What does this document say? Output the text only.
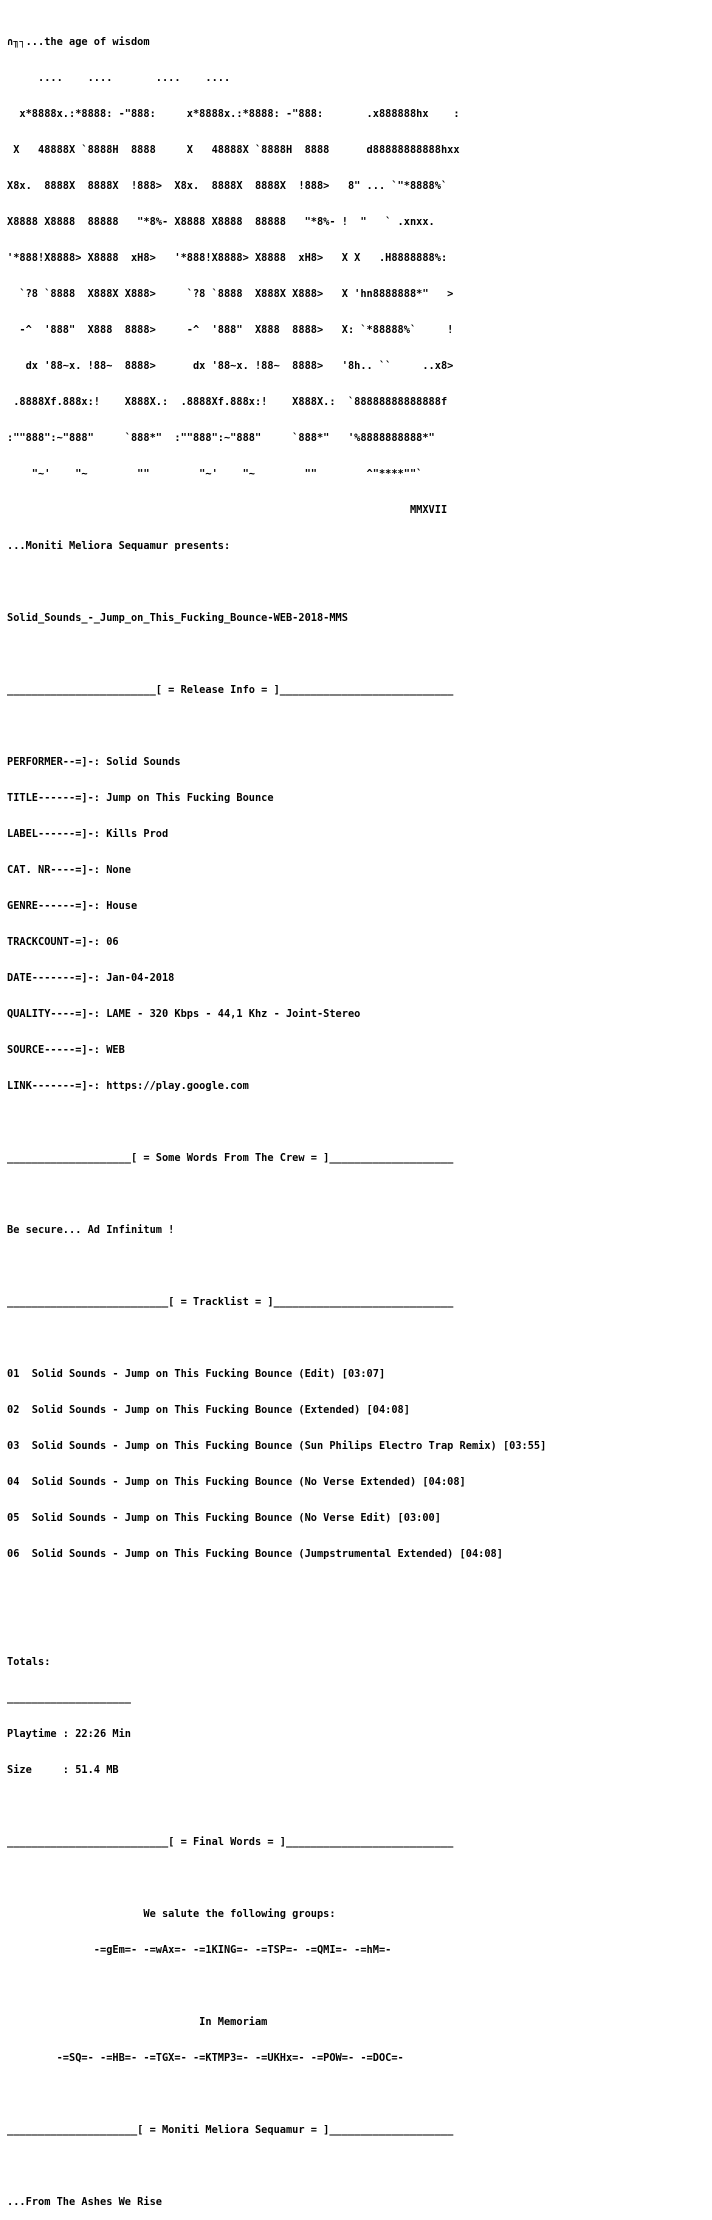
∩╖┐...the age of wisdom

....    ....       ....    ....

x*8888x.:*8888: -"888:     x*8888x.:*8888: -"888:       .x888888hx    :

X   48888X `8888H  8888     X   48888X `8888H  8888      d88888888888hxx

X8x.  8888X  8888X  !888>  X8x.  8888X  8888X  !888>   8" ... `"*8888%`

X8888 X8888  88888   "*8%- X8888 X8888  88888   "*8%- !  "   ` .xnxx.

'*888!X8888> X8888  xH8>   '*888!X8888> X8888  xH8>   X X   .H8888888%:

`?8 `8888  X888X X888>     `?8 `8888  X888X X888>   X 'hn8888888*"   >

-^  '888"  X888  8888>     -^  '888"  X888  8888>   X: `*88888%`     !

dx '88~x. !88~  8888>      dx '88~x. !88~  8888>   '8h.. ``     ..x8>

.8888Xf.888x:!    X888X.:  .8888Xf.888x:!    X888X.:  `88888888888888f

:""888":~"888"     `888*"  :""888":~"888"     `888*"   '%8888888888*"

"~'    "~        ""        "~'    "~        ""        ^"****""`

MMXVII

...Moniti Meliora Sequamur presents:

Solid_Sounds_-_Jump_on_This_Fucking_Bounce-WEB-2018-MMS

________________________[ = Release Info = ]____________________________

PERFORMER--=]-: Solid Sounds

TITLE------=]-: Jump on This Fucking Bounce

LABEL------=]-: Kills Prod

CAT. NR----=]-: None

GENRE------=]-: House

TRACKCOUNT-=]-: 06

DATE-------=]-: Jan-04-2018

QUALITY----=]-: LAME - 320 Kbps - 44,1 Khz - Joint-Stereo

SOURCE-----=]-: WEB

LINK-------=]-: https://play.google.com

____________________[ = Some Words From The Crew = ]____________________

Be secure... Ad Infinitum !

__________________________[ = Tracklist = ]_____________________________

01  Solid Sounds - Jump on This Fucking Bounce (Edit) [03:07]

02  Solid Sounds - Jump on This Fucking Bounce (Extended) [04:08]

03  Solid Sounds - Jump on This Fucking Bounce (Sun Philips Electro Trap Remix) [03:55]

04  Solid Sounds - Jump on This Fucking Bounce (No Verse Extended) [04:08]

05  Solid Sounds - Jump on This Fucking Bounce (No Verse Edit) [03:00]

06  Solid Sounds - Jump on This Fucking Bounce (Jumpstrumental Extended) [04:08]

Totals:

____________________

Playtime : 22:26 Min

Size     : 51.4 MB

__________________________[ = Final Words = ]___________________________

We salute the following groups:

-=gEm=- -=wAx=- -=1KING=- -=TSP=- -=QMI=- -=hM=-

In Memoriam

-=SQ=- -=HB=- -=TGX=- -=KTMP3=- -=UKHx=- -=POW=- -=DOC=-

_____________________[ = Moniti Meliora Sequamur = ]____________________

...From The Ashes We Rise
